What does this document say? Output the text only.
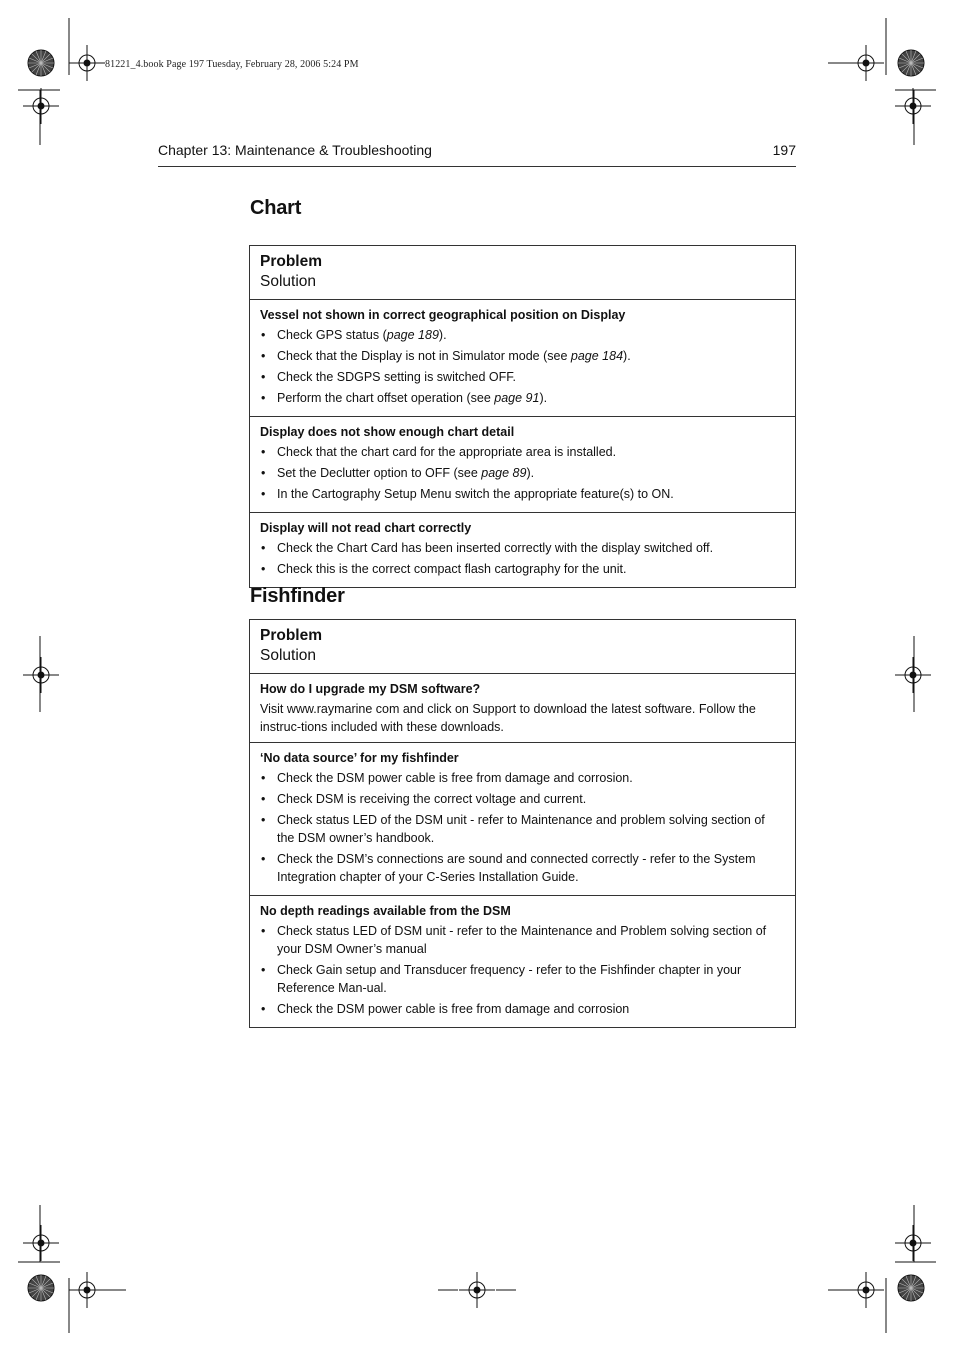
81221_4.book Page 197 Tuesday, February 28, 2006 5:24 PM
Chapter 13: Maintenance & Troubleshooting	197
Chart
Problem
Solution

Vessel not shown in correct geographical position on Display
• Check GPS status (page 189).
• Check that the Display is not in Simulator mode (see page 184).
• Check the SDGPS setting is switched OFF.
• Perform the chart offset operation (see page 91).

Display does not show enough chart detail
• Check that the chart card for the appropriate area is installed.
• Set the Declutter option to OFF (see page 89).
• In the Cartography Setup Menu switch the appropriate feature(s) to ON.

Display will not read chart correctly
• Check the Chart Card has been inserted correctly with the display switched off.
• Check this is the correct compact flash cartography for the unit.
Fishfinder
Problem
Solution

How do I upgrade my DSM software?

Visit www.raymarine com and click on Support to download the latest software. Follow the instruc-tions included with these downloads.

‘No data source’ for my fishfinder
• Check the DSM power cable is free from damage and corrosion.
• Check DSM is receiving the correct voltage and current.
• Check status LED of the DSM unit - refer to Maintenance and problem solving section of the DSM owner’s handbook.
• Check the DSM’s connections are sound and connected correctly - refer to the System Integration chapter of your C-Series Installation Guide.

No depth readings available from the DSM
• Check status LED of DSM unit - refer to the Maintenance and Problem solving section of your DSM Owner’s manual
• Check Gain setup and Transducer frequency - refer to the Fishfinder chapter in your Reference Man-ual.
• Check the DSM power cable is free from damage and corrosion
